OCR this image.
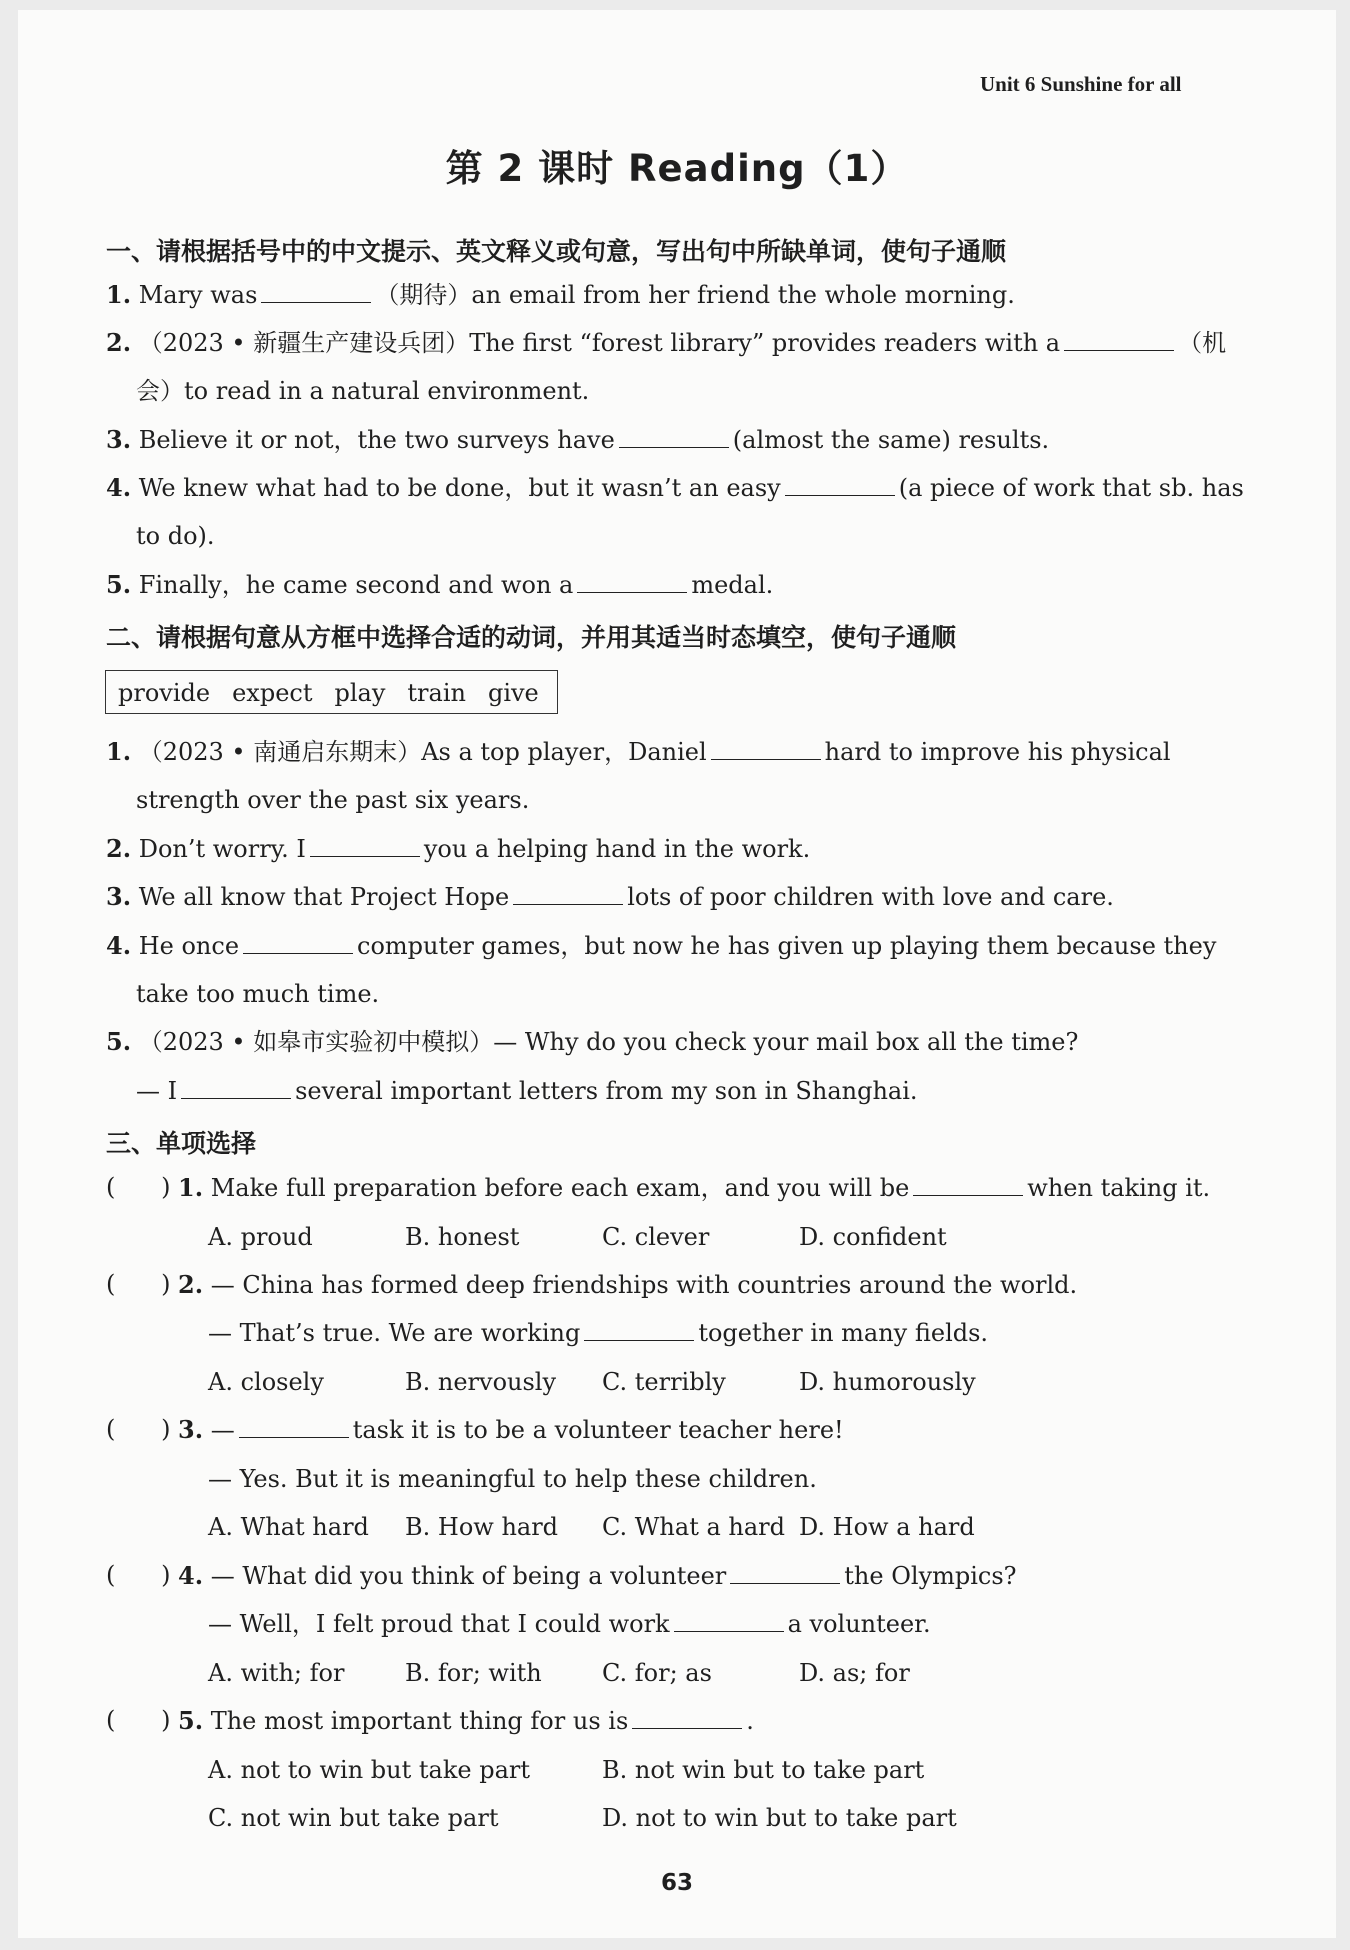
Unit 6 Sunshine for all
第 2 课时 Reading（1）
一、请根据括号中的中文提示、英文释义或句意，写出句中所缺单词，使句子通顺
1. Mary was	（期待）an email from her friend the whole morning.
2. （2023 • 新疆生产建设兵团）The first “forest library” provides readers with a	（机
会）to read in a natural environment.
3. Believe it or not，the two surveys have	(almost the same) results.
4. We knew what had to be done，but it wasn’t an easy	(a piece of work that sb. has
to do).
5. Finally，he came second and won a	medal.
二、请根据句意从方框中选择合适的动词，并用其适当时态填空，使句子通顺
provide expect play train give
1. （2023 • 南通启东期末）As a top player，Daniel	hard to improve his physical
strength over the past six years.
2. Don’t worry. I	you a helping hand in the work.
3. We all know that Project Hope	lots of poor children with love and care.
4. He once	computer games，but now he has given up playing them because they
take too much time.
5. （2023 • 如皋市实验初中模拟）— Why do you check your mail box all the time?
— I	several important letters from my son in Shanghai.
三、单项选择
(      ) 1. Make full preparation before each exam，and you will be	when taking it.
A. proud	B. honest	C. clever	D. confident
(      ) 2. — China has formed deep friendships with countries around the world.
— That’s true. We are working	together in many fields.
A. closely	B. nervously C. terribly	D. humorously
(      ) 3. —	task it is to be a volunteer teacher here!
— Yes. But it is meaningful to help these children.
A. What hard B. How hard C. What a hard D. How a hard
(      ) 4. — What did you think of being a volunteer	the Olympics?
— Well，I felt proud that I could work	a volunteer.
A. with; for	B. for; with	C. for; as	D. as; for
(      ) 5. The most important thing for us is	.
A. not to win but take part	B. not win but to take part
C. not win but take part	D. not to win but to take part
63
